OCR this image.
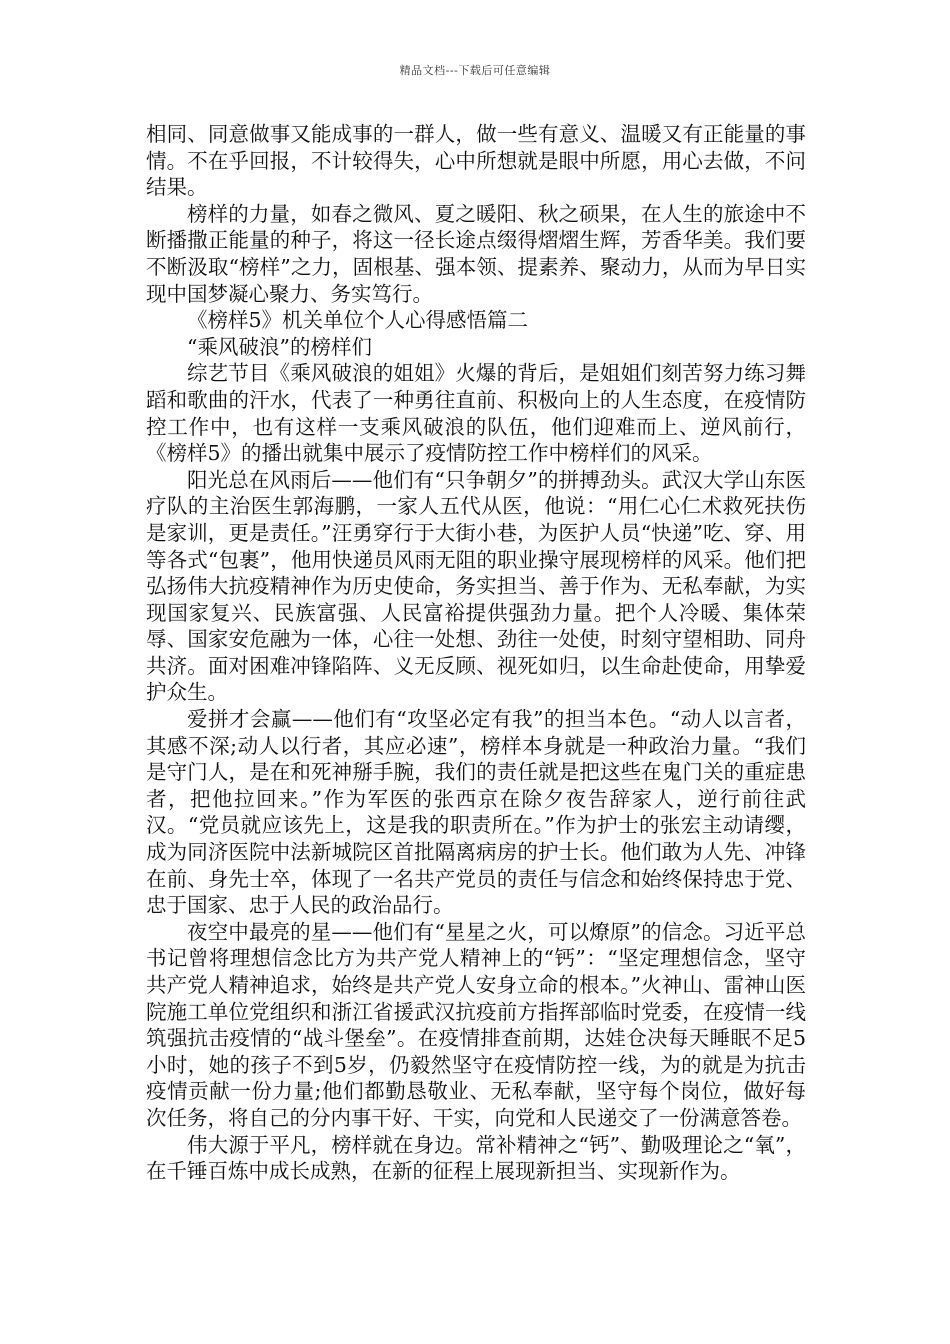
精品文档---下载后可任意编辑

相同、同意做事又能成事的一群人，做一些有意义、温暖又有正能量的事情。不在乎回报，不计较得失，心中所想就是眼中所愿，用心去做，不问结果。

榜样的力量，如春之微风、夏之暖阳、秋之硕果，在人生的旅途中不断播撒正能量的种子，将这一径长途点缀得熠熠生辉，芳香华美。我们要不断汲取“榜样”之力，固根基、强本领、提素养、聚动力，从而为早日实现中国梦凝心聚力、务实笃行。

《榜样5》机关单位个人心得感悟篇二

“乘风破浪”的榜样们

综艺节目《乘风破浪的姐姐》火爆的背后，是姐姐们刻苦努力练习舞蹈和歌曲的汗水，代表了一种勇往直前、积极向上的人生态度，在疫情防控工作中，也有这样一支乘风破浪的队伍，他们迎难而上、逆风前行，《榜样5》的播出就集中展示了疫情防控工作中榜样们的风采。

阳光总在风雨后——他们有“只争朝夕”的拼搏劲头。武汉大学山东医疗队的主治医生郭海鹏，一家人五代从医，他说：“用仁心仁术救死扶伤是家训，更是责任。”汪勇穿行于大街小巷，为医护人员“快递”吃、穿、用等各式“包裹”，他用快递员风雨无阻的职业操守展现榜样的风采。他们把弘扬伟大抗疫精神作为历史使命，务实担当、善于作为、无私奉献，为实现国家复兴、民族富强、人民富裕提供强劲力量。把个人冷暖、集体荣辱、国家安危融为一体，心往一处想、劲往一处使，时刻守望相助、同舟共济。面对困难冲锋陷阵、义无反顾、视死如归，以生命赴使命，用挚爱护众生。

爱拼才会赢——他们有“攻坚必定有我”的担当本色。“动人以言者，其感不深;动人以行者，其应必速”，榜样本身就是一种政治力量。“我们是守门人，是在和死神掰手腕，我们的责任就是把这些在鬼门关的重症患者，把他拉回来。”作为军医的张西京在除夕夜告辞家人，逆行前往武汉。“党员就应该先上，这是我的职责所在。”作为护士的张宏主动请缨，成为同济医院中法新城院区首批隔离病房的护士长。他们敢为人先、冲锋在前、身先士卒，体现了一名共产党员的责任与信念和始终保持忠于党、忠于国家、忠于人民的政治品行。

夜空中最亮的星——他们有“星星之火，可以燎原”的信念。习近平总书记曾将理想信念比方为共产党人精神上的“钙”：“坚定理想信念，坚守共产党人精神追求，始终是共产党人安身立命的根本。”火神山、雷神山医院施工单位党组织和浙江省援武汉抗疫前方指挥部临时党委，在疫情一线筑强抗击疫情的“战斗堡垒”。在疫情排查前期，达娃仓决每天睡眠不足5小时，她的孩子不到5岁，仍毅然坚守在疫情防控一线，为的就是为抗击疫情贡献一份力量;他们都勤恳敬业、无私奉献，坚守每个岗位，做好每次任务，将自己的分内事干好、干实，向党和人民递交了一份满意答卷。

伟大源于平凡，榜样就在身边。常补精神之“钙”、勤吸理论之“氧”，在千锤百炼中成长成熟，在新的征程上展现新担当、实现新作为。
